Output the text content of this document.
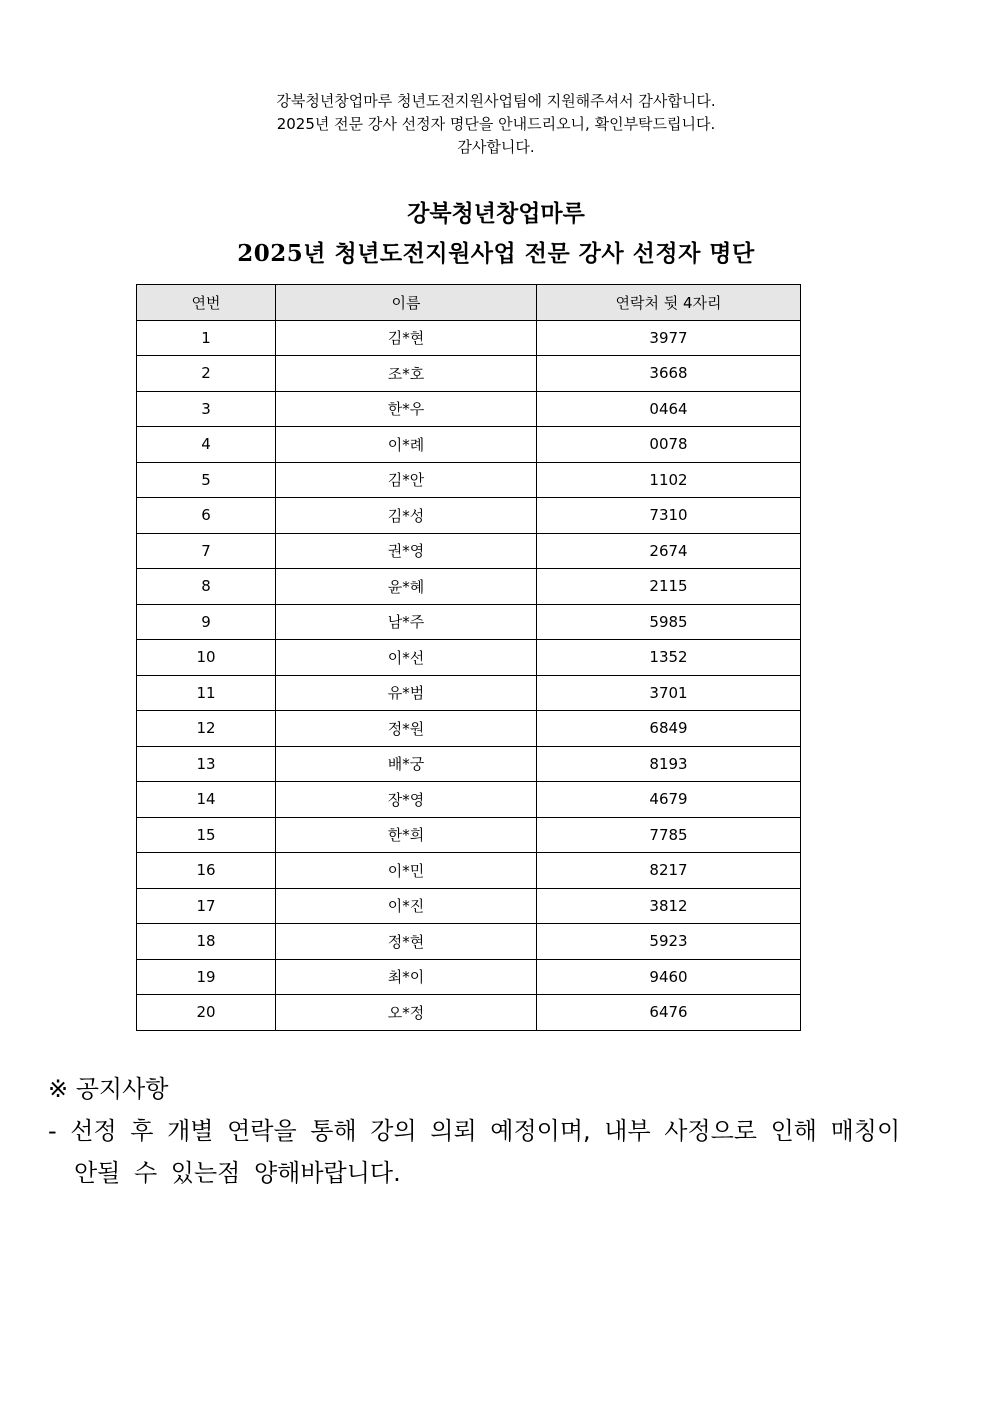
강북청년창업마루 청년도전지원사업팀에 지원해주셔서 감사합니다.
2025년 전문 강사 선정자 명단을 안내드리오니, 확인부탁드립니다.
감사합니다.
강북청년창업마루
2025년 청년도전지원사업 전문 강사 선정자 명단
연번	이름	연락처 뒷 4자리
1	김*현	3977
2	조*호	3668
3	한*우	0464
4	이*례	0078
5	김*안	1102
6	김*성	7310
7	권*영	2674
8	윤*혜	2115
9	남*주	5985
10	이*선	1352
11	유*범	3701
12	정*원	6849
13	배*궁	8193
14	장*영	4679
15	한*희	7785
16	이*민	8217
17	이*진	3812
18	정*현	5923
19	최*이	9460
20	오*정	6476
※ 공지사항
- 선정 후 개별 연락을 통해 강의 의뢰 예정이며, 내부 사정으로 인해 매칭이 안될 수 있는점 양해바랍니다.
